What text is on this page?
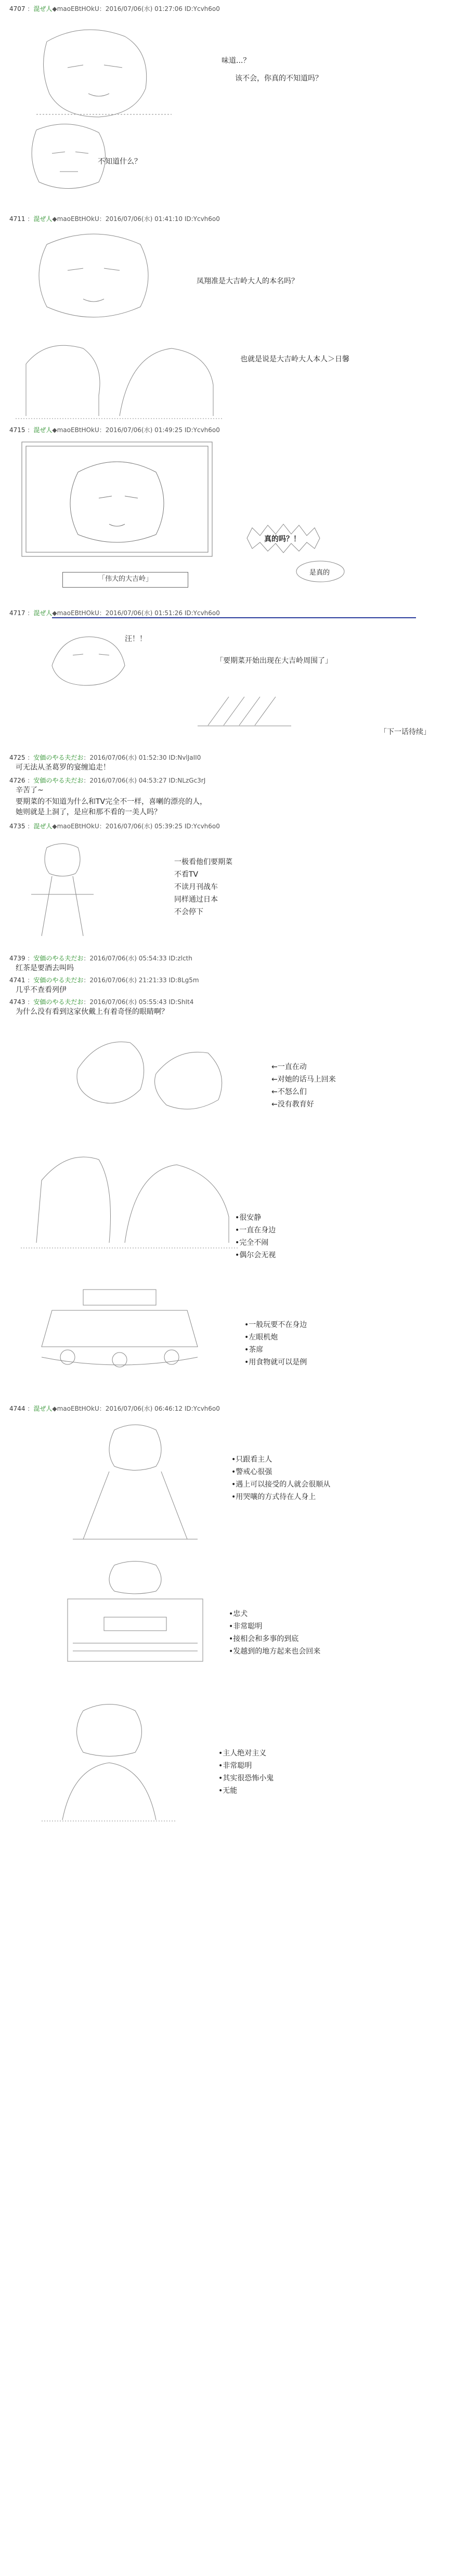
4707 ：混ぜ人◆maoEBtHOkU：2016/07/06(水) 01:27:06 ID:Ycvh6o0
味道...？
该不会，你真的不知道吗？
不知道什么？
4711 ：混ぜ人◆maoEBtHOkU：2016/07/06(水) 01:41:10 ID:Ycvh6o0
凤翔准是大吉岭大人的本名吗？
也就是说是大吉岭大人本人＞日馨
4715 ：混ぜ人◆maoEBtHOkU：2016/07/06(水) 01:49:25 ID:Ycvh6o0
「伟大的大吉岭」
真的吗？！
是真的
4717 ：混ぜ人◆maoEBtHOkU：2016/07/06(水) 01:51:26 ID:Ycvh6o0
汪！！
「要期菜开始出现在大吉岭周围了」
「下一话待续」
4725 ：安価のやる夫だお：2016/07/06(水) 01:52:30 ID:NvlJaII0
可无法从圣葛罗的宴缠追走！
4726 ：安価のやる夫だお：2016/07/06(水) 04:53:27 ID:NLzGc3rJ
辛苦了~
要期菜的不知道为什么和TV完全不一样，喜喇的漂亮的人，
她则就是上洞了，是应和那不看的一美人吗？
4735 ：混ぜ人◆maoEBtHOkU：2016/07/06(水) 05:39:25 ID:Ycvh6o0
一极看他们要期菜
不看TV
不读月刊战车
同样通过日本
不会停下
4739 ：安価のやる夫だお：2016/07/06(水) 05:54:33 ID:zlcth
红茶是要酒去叫吗
4741 ：安価のやる夫だお：2016/07/06(水) 21:21:33 ID:8Lg5m
几乎不查看列伊
4743 ：安価のやる夫だお：2016/07/06(水) 05:55:43 ID:ShIt4
为什么没有看到这家伙戴上有着奇怪的眼睛啊？
←一直在动
←对她的话马上回来
←不怒么们
←没有教育好
•很安静
•一直在身边
•完全不闹
•偶尔会无视
•一般玩要不在身边
•左眼机炮
•茶席
•用食物就可以是例
4744 ：混ぜ人◆maoEBtHOkU：2016/07/06(水) 06:46:12 ID:Ycvh6o0
•只跟看主人
•警戒心很强
•遇上可以接受的人就会很顺从
•用哭嚷的方式待在人身上
•忠犬
•非常聪明
•接相会和多事的到底
•发越到的地方起来也会回来
•主人绝对主义
•非常聪明
•其实很恐怖小鬼
•无能
